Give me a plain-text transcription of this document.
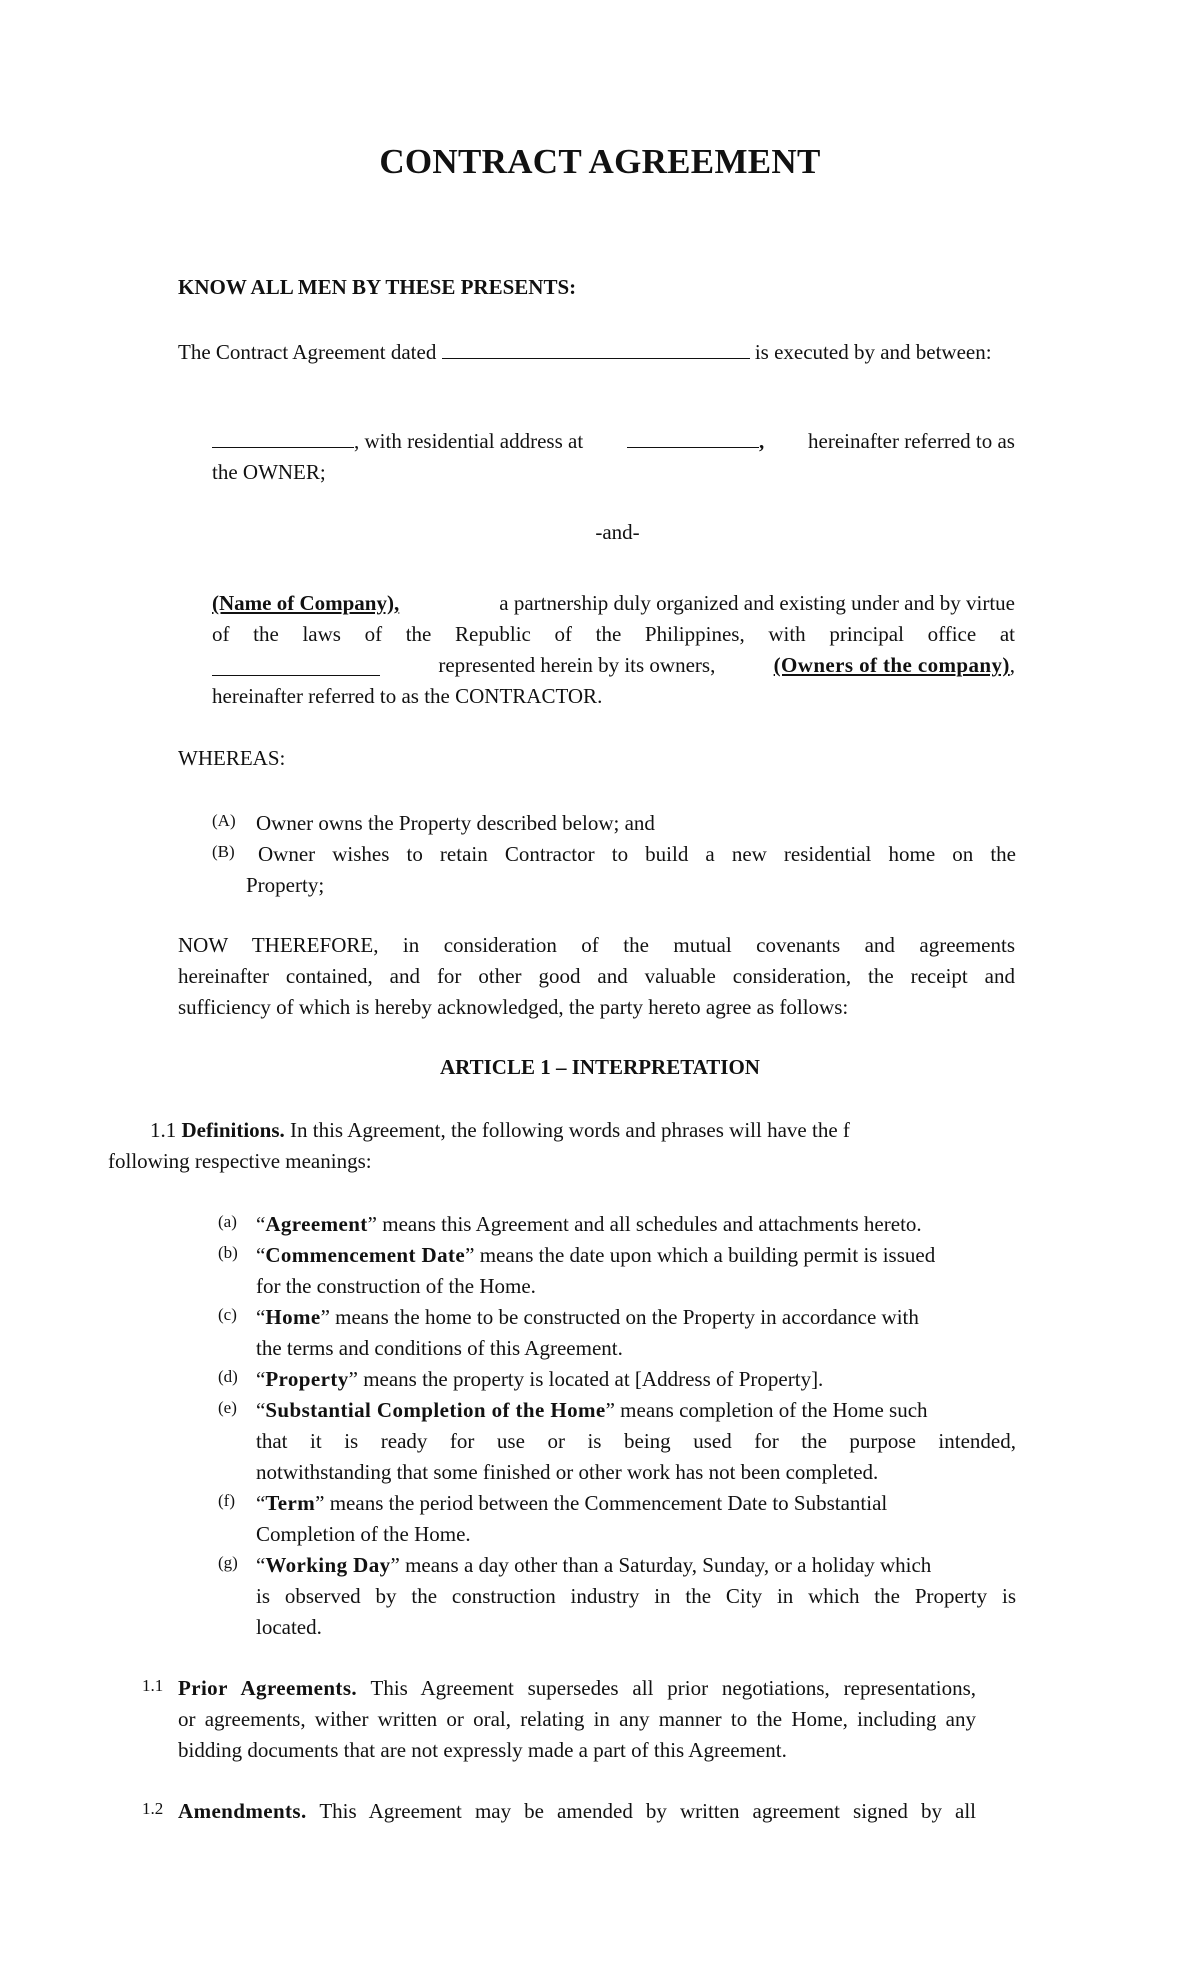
CONTRACT AGREEMENT
KNOW ALL MEN BY THESE PRESENTS:
The Contract Agreement dated	is executed by and between:
, with residential address at	, hereinafter referred to as
the OWNER;
-and-
(Name of Company),	a partnership duly organized and existing under and by virtue
of the laws of the Republic of the Philippines, with principal office at
represented herein by its owners,	(Owners of the company),
hereinafter referred to as the CONTRACTOR.
WHEREAS:
(A) Owner owns the Property described below; and
(B) Owner wishes to retain Contractor to build a new residential home on the
Property;
NOW THEREFORE, in consideration of the mutual covenants and agreements
hereinafter contained, and for other good and valuable consideration, the receipt and
sufficiency of which is hereby acknowledged, the party hereto agree as follows:
ARTICLE 1 – INTERPRETATION
1.1 Definitions. In this Agreement, the following words and phrases will have the f
following respective meanings:
(a) “Agreement” means this Agreement and all schedules and attachments hereto.
(b) “Commencement Date” means the date upon which a building permit is issued
for the construction of the Home.
(c) “Home” means the home to be constructed on the Property in accordance with
the terms and conditions of this Agreement.
(d) “Property” means the property is located at [Address of Property].
(e) “Substantial Completion of the Home” means completion of the Home such
that it is ready for use or is being used for the purpose intended,
notwithstanding that some finished or other work has not been completed.
(f) “Term” means the period between the Commencement Date to Substantial
Completion of the Home.
(g) “Working Day” means a day other than a Saturday, Sunday, or a holiday which
is observed by the construction industry in the City in which the Property is
located.
1.1 Prior Agreements. This Agreement supersedes all prior negotiations, representations,
or agreements, wither written or oral, relating in any manner to the Home, including any
bidding documents that are not expressly made a part of this Agreement.
1.2 Amendments. This Agreement may be amended by written agreement signed by all
